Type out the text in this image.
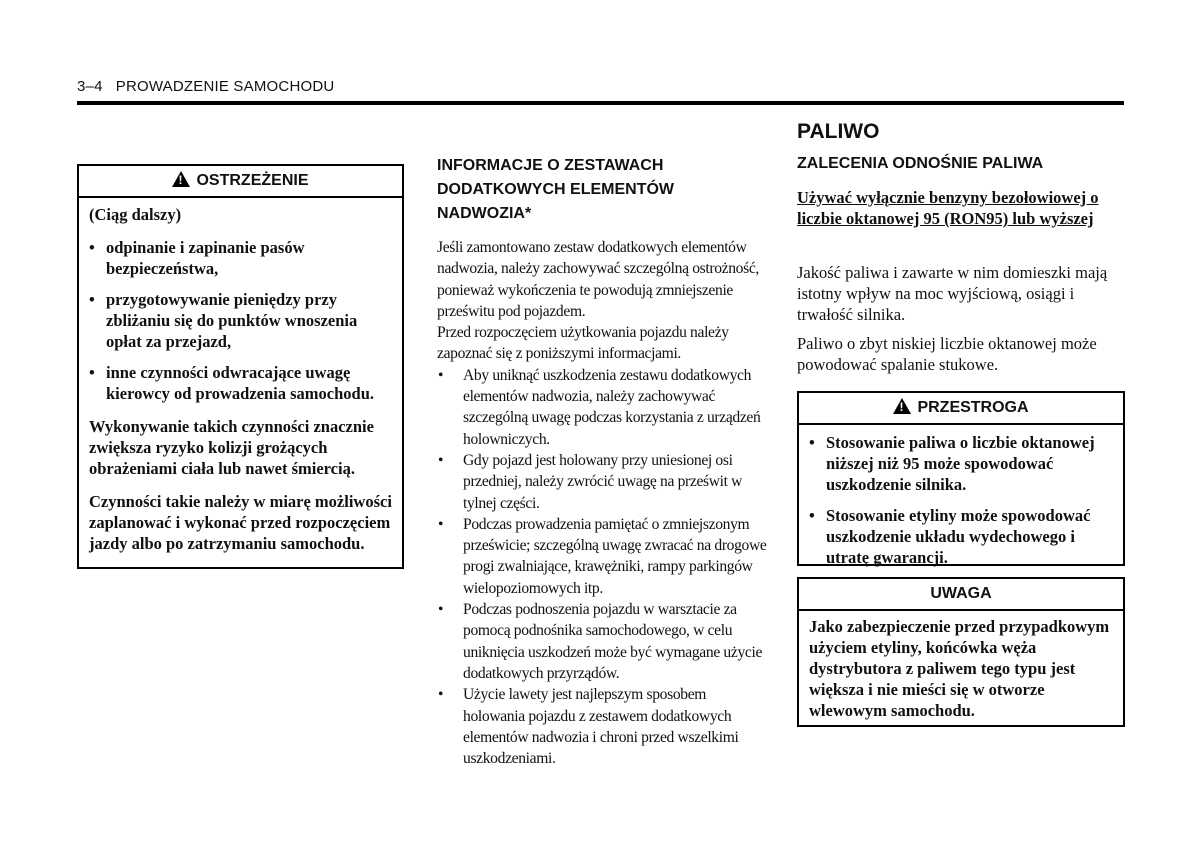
3–4 PROWADZENIE SAMOCHODU
!OSTRZEŻENIE

(Ciąg dalszy)

• odpinanie i zapinanie pasów bezpieczeństwa,
• przygotowywanie pieniędzy przy zbliżaniu się do punktów wnoszenia opłat za przejazd,
• inne czynności odwracające uwagę kierowcy od prowadzenia samochodu.

Wykonywanie takich czynności znacznie zwiększa ryzyko kolizji grożących obrażeniami ciała lub nawet śmiercią.

Czynności takie należy w miarę możliwości zaplanować i wykonać przed rozpoczęciem jazdy albo po zatrzymaniu samochodu.

INFORMACJE O ZESTAWACH DODATKOWYCH ELEMENTÓW NADWOZIA*

Jeśli zamontowano zestaw dodatkowych elementów nadwozia, należy zachowywać szczególną ostrożność, ponieważ wykończenia te powodują zmniejszenie prześwitu pod pojazdem.

Przed rozpoczęciem użytkowania pojazdu należy zapoznać się z poniższymi informacjami.

• Aby uniknąć uszkodzenia zestawu dodatkowych elementów nadwozia, należy zachowywać szczególną uwagę podczas korzystania z urządzeń holowniczych.
• Gdy pojazd jest holowany przy uniesionej osi przedniej, należy zwrócić uwagę na prześwit w tylnej części.
• Podczas prowadzenia pamiętać o zmniejszonym prześwicie; szczególną uwagę zwracać na drogowe progi zwalniające, krawężniki, rampy parkingów wielopoziomowych itp.
• Podczas podnoszenia pojazdu w warsztacie za pomocą podnośnika samochodowego, w celu uniknięcia uszkodzeń może być wymagane użycie dodatkowych przyrządów.
• Użycie lawety jest najlepszym sposobem holowania pojazdu z zestawem dodatkowych elementów nadwozia i chroni przed wszelkimi uszkodzeniami.
PALIWO
ZALECENIA ODNOŚNIE PALIWA
Używać wyłącznie benzyny bezołowiowej o liczbie oktanowej 95 (RON95) lub wyższej

Jakość paliwa i zawarte w nim domieszki mają istotny wpływ na moc wyjściową, osiągi i trwałość silnika.

Paliwo o zbyt niskiej liczbie oktanowej może powodować spalanie stukowe.

!PRZESTROGA
• Stosowanie paliwa o liczbie oktanowej niższej niż 95 może spowodować uszkodzenie silnika.
• Stosowanie etyliny może spowodować uszkodzenie układu wydechowego i utratę gwarancji.
UWAGA

Jako zabezpieczenie przed przypadkowym użyciem etyliny, końcówka węża dystrybutora z paliwem tego typu jest większa i nie mieści się w otworze wlewowym samochodu.
